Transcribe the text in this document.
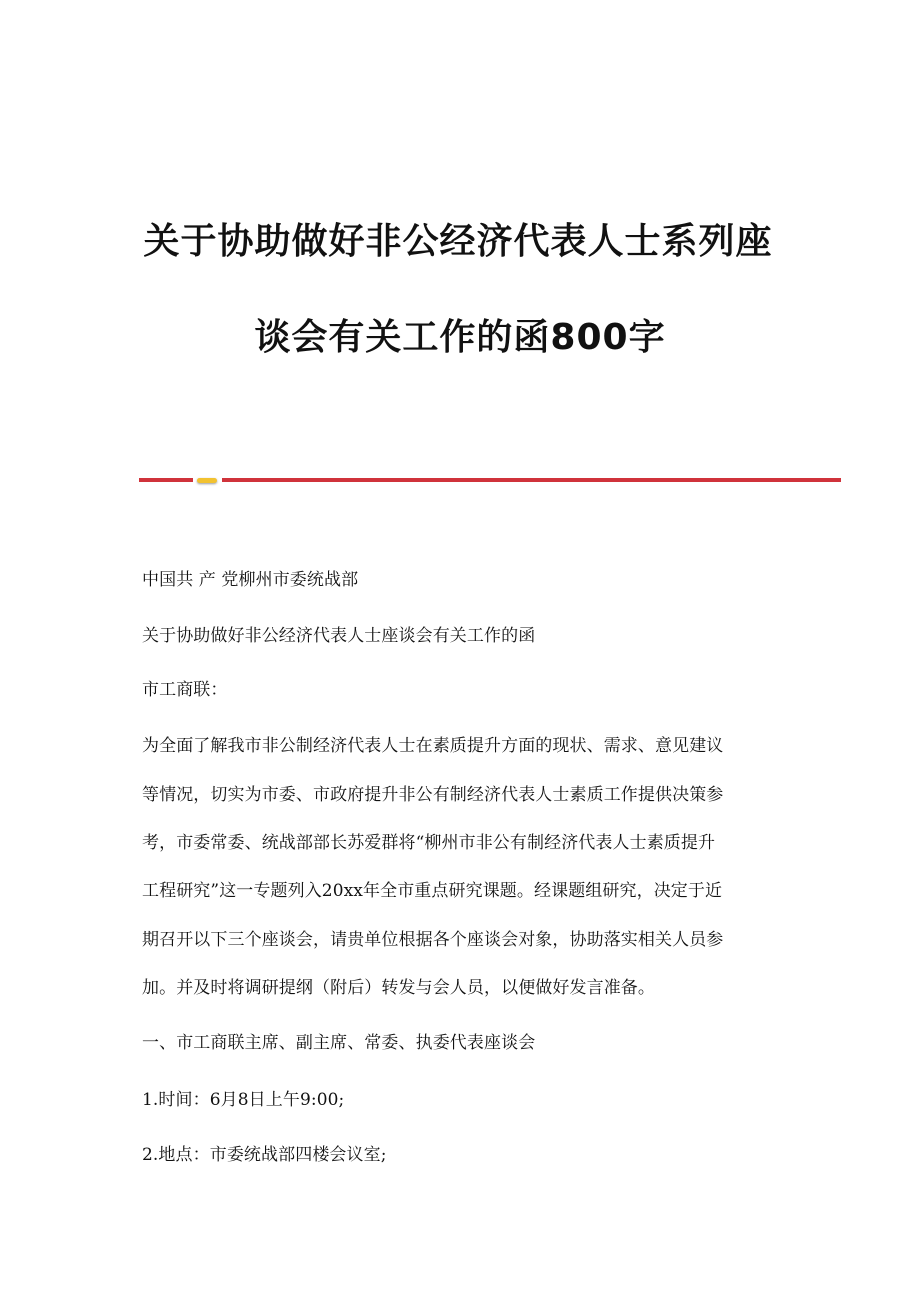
关于协助做好非公经济代表人士系列座
谈会有关工作的函800字
中国共 产 党柳州市委统战部
关于协助做好非公经济代表人士座谈会有关工作的函
市工商联：
为全面了解我市非公制经济代表人士在素质提升方面的现状、需求、意见建议
等情况，切实为市委、市政府提升非公有制经济代表人士素质工作提供决策参
考，市委常委、统战部部长苏爱群将“柳州市非公有制经济代表人士素质提升
工程研究”这一专题列入20xx年全市重点研究课题。经课题组研究，决定于近
期召开以下三个座谈会，请贵单位根据各个座谈会对象，协助落实相关人员参
加。并及时将调研提纲（附后）转发与会人员，以便做好发言准备。
一、市工商联主席、副主席、常委、执委代表座谈会
1.时间：6月8日上午9:00;
2.地点：市委统战部四楼会议室;
